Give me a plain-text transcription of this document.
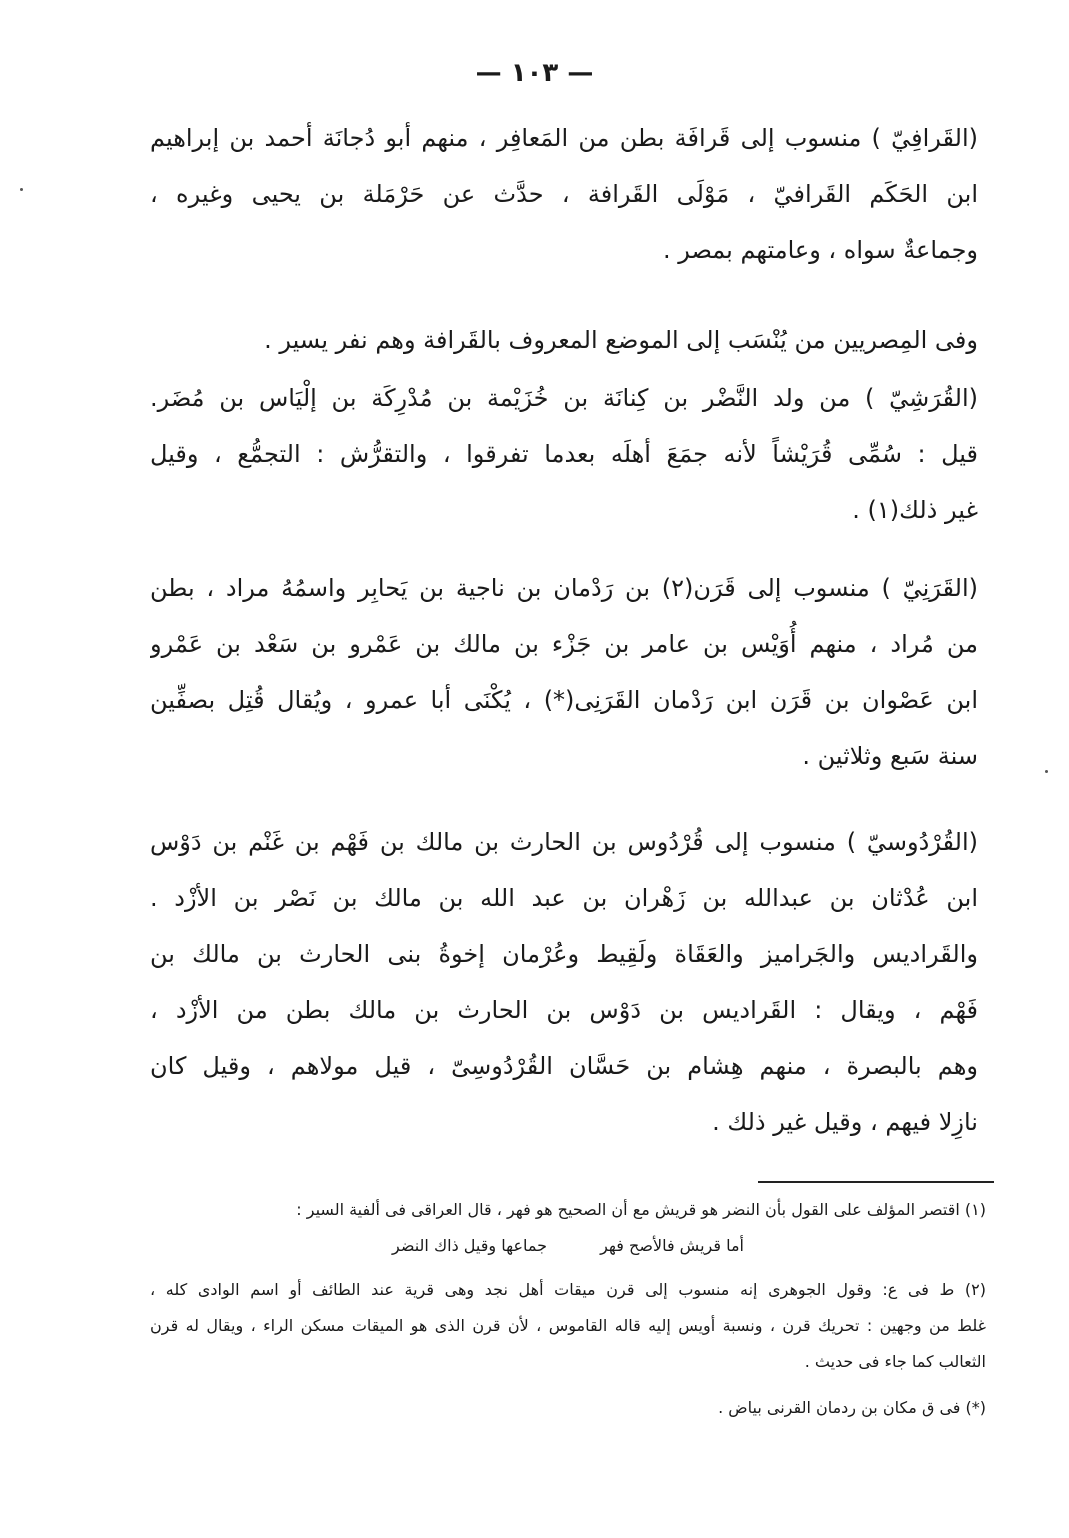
— ١٠٣ —
(القَرافِيّ ) منسوب إلى قَرافَة بطن من المَعافِر ، منهم أبو دُجانَة أحمد بن إبراهيم
ابن الحَكَم القَرافيّ ، مَوْلَى القَرافة ، حدَّث عن حَرْمَلة بن يحيى وغيره ،
وجماعةٌ سواه ، وعامتهم بمصر .
وفى المِصريين من يُنْسَب إلى الموضع المعروف بالقَرافة وهم نفر يسير .
(القُرَشِيّ ) من ولد النَّضْر بن كِنانَة بن خُزَيْمة بن مُدْرِكَة بن إلْيَاس بن مُضَر.
قيل : سُمِّى قُرَيْشاً لأنه جمَعَ أهلَه بعدما تفرقوا ، والتقرُّش : التجمُّع ، وقيل
غير ذلك(١) .
(القَرَنِيّ ) منسوب إلى قَرَن(٢) بن رَدْمان بن ناجية بن يَحابِر واسمُهُ مراد ، بطن
من مُراد ، منهم أُوَيْس بن عامر بن جَزْء بن مالك بن عَمْرو بن سَعْد بن عَمْرو
ابن عَصْوان بن قَرَن ابن رَدْمان القَرَنِى(*) ، يُكْنَى أبا عمرو ، ويُقال قُتِل بصفِّين
سنة سَبع وثلاثين .
(القُرْدُوسيّ ) منسوب إلى قُرْدُوس بن الحارث بن مالك بن فَهْم بن غَنْم بن دَوْس
ابن عُدْثان بن عبدالله بن زَهْران بن عبد الله بن مالك بن نَصْر بن الأزْد .
والقَراديس والجَراميز والعَقَاة ولَقِيط وعُرْمان إخوةُ بنى الحارث بن مالك بن
فَهْم ، ويقال : القَراديس بن دَوْس بن الحارث بن مالك بطن من الأزْد ،
وهم بالبصرة ، منهم هِشام بن حَسَّان القُرْدُوسِىّ ، قيل مولاهم ، وقيل كان
نازِلا فيهم ، وقيل غير ذلك .
(١) اقتصر المؤلف على القول بأن النضر هو قريش مع أن الصحيح هو فهر ، قال العراقى فى ألفية السير :
أما قريش فالأصح فهر جماعها وقيل ذاك النضر
(٢) ط فى ع: وقول الجوهرى إنه منسوب إلى قرن ميقات أهل نجد وهى قرية عند الطائف أو اسم الوادى كله ،
غلط من وجهين : تحريك قرن ، ونسبة أويس إليه قاله القاموس ، لأن قرن الذى هو الميقات مسكن الراء ، ويقال له قرن
الثعالب كما جاء فى حديث .
(*) فى ق مكان بن ردمان القرنى بياض .
